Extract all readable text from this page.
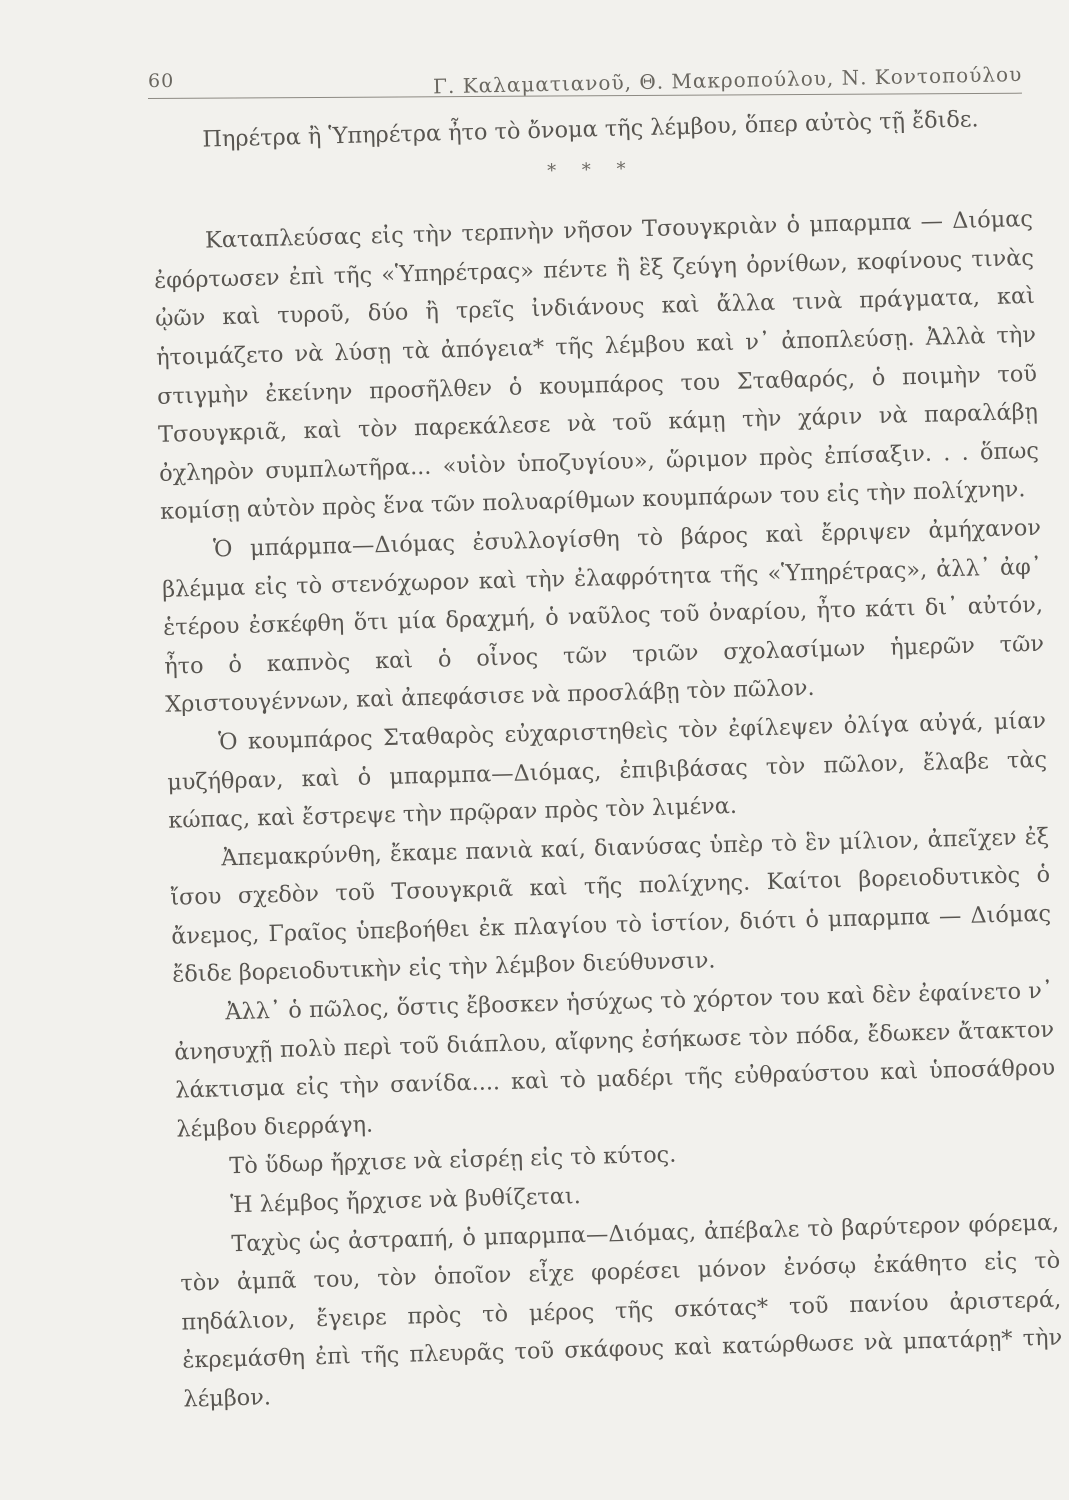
60	Γ. Καλαματιανοῦ, Θ. Μακροπούλου, Ν. Κοντοπούλου

Πηρέτρα ἢ Ὑπηρέτρα ἦτο τὸ ὄνομα τῆς λέμβου, ὅπερ αὐτὸς τῇ ἔδιδε.

* * *

Καταπλεύσας εἰς τὴν τερπνὴν νῆσον Τσουγκριὰν ὁ μπαρμπα — Διόμας ἐφόρτωσεν ἐπὶ τῆς «Ὑπηρέτρας» πέντε ἢ ἓξ ζεύγη ὀρνίθων, κοφίνους τινὰς ᾠῶν καὶ τυροῦ, δύο ἢ τρεῖς ἰνδιάνους καὶ ἄλλα τινὰ πράγματα, καὶ ἡτοιμάζετο νὰ λύσῃ τὰ ἀπόγεια* τῆς λέμβου καὶ ν᾽ ἀποπλεύσῃ. Ἀλλὰ τὴν στιγμὴν ἐκείνην προσῆλθεν ὁ κουμπάρος του Σταθαρός, ὁ ποιμὴν τοῦ Τσουγκριᾶ, καὶ τὸν παρεκάλεσε νὰ τοῦ κάμῃ τὴν χάριν νὰ παραλάβῃ ὀχληρὸν συμπλωτῆρα... «υἱὸν ὑποζυγίου», ὥριμον πρὸς ἐπίσαξιν. . . ὅπως κομίσῃ αὐτὸν πρὸς ἕνα τῶν πολυαρίθμων κουμπάρων του εἰς τὴν πολίχνην.

Ὁ μπάρμπα—Διόμας ἐσυλλογίσθη τὸ βάρος καὶ ἔρριψεν ἀμήχανον βλέμμα εἰς τὸ στενόχωρον καὶ τὴν ἐλαφρότητα τῆς «Ὑπηρέτρας», ἀλλ᾽ ἀφ᾽ ἑτέρου ἐσκέφθη ὅτι μία δραχμή, ὁ ναῦλος τοῦ ὀναρίου, ἦτο κάτι δι᾽ αὐτόν, ἦτο ὁ καπνὸς καὶ ὁ οἶνος τῶν τριῶν σχολασίμων ἡμερῶν τῶν Χριστουγέννων, καὶ ἀπεφάσισε νὰ προσλάβῃ τὸν πῶλον.

Ὁ κουμπάρος Σταθαρὸς εὐχαριστηθεὶς τὸν ἐφίλεψεν ὀλίγα αὐγά, μίαν μυζήθραν, καὶ ὁ μπαρμπα—Διόμας, ἐπιβιβάσας τὸν πῶλον, ἔλαβε τὰς κώπας, καὶ ἔστρεψε τὴν πρῷραν πρὸς τὸν λιμένα.

Ἀπεμακρύνθη, ἔκαμε πανιὰ καί, διανύσας ὑπὲρ τὸ ἓν μίλιον, ἀπεῖχεν ἐξ ἴσου σχεδὸν τοῦ Τσουγκριᾶ καὶ τῆς πολίχνης. Καίτοι βορειοδυτικὸς ὁ ἄνεμος, Γραῖος ὑπεβοήθει ἐκ πλαγίου τὸ ἱστίον, διότι ὁ μπαρμπα — Διόμας ἔδιδε βορειοδυτικὴν εἰς τὴν λέμβον διεύθυνσιν.

Ἀλλ᾽ ὁ πῶλος, ὅστις ἔβοσκεν ἡσύχως τὸ χόρτον του καὶ δὲν ἐφαίνετο ν᾽ ἀνησυχῇ πολὺ περὶ τοῦ διάπλου, αἴφνης ἐσήκωσε τὸν πόδα, ἔδωκεν ἄτακτον λάκτισμα εἰς τὴν σανίδα.... καὶ τὸ μαδέρι τῆς εὐθραύστου καὶ ὑποσάθρου λέμβου διερράγη.

Τὸ ὕδωρ ἤρχισε νὰ εἰσρέῃ εἰς τὸ κύτος.

Ἡ λέμβος ἤρχισε νὰ βυθίζεται.

Ταχὺς ὡς ἀστραπή, ὁ μπαρμπα—Διόμας, ἀπέβαλε τὸ βαρύτερον φόρεμα, τὸν ἀμπᾶ του, τὸν ὁποῖον εἶχε φορέσει μόνον ἐνόσῳ ἐκάθητο εἰς τὸ πηδάλιον, ἔγειρε πρὸς τὸ μέρος τῆς σκότας* τοῦ πανίου ἀριστερά, ἐκρεμάσθη ἐπὶ τῆς πλευρᾶς τοῦ σκάφους καὶ κατώρθωσε νὰ μπατάρῃ* τὴν λέμβον.
